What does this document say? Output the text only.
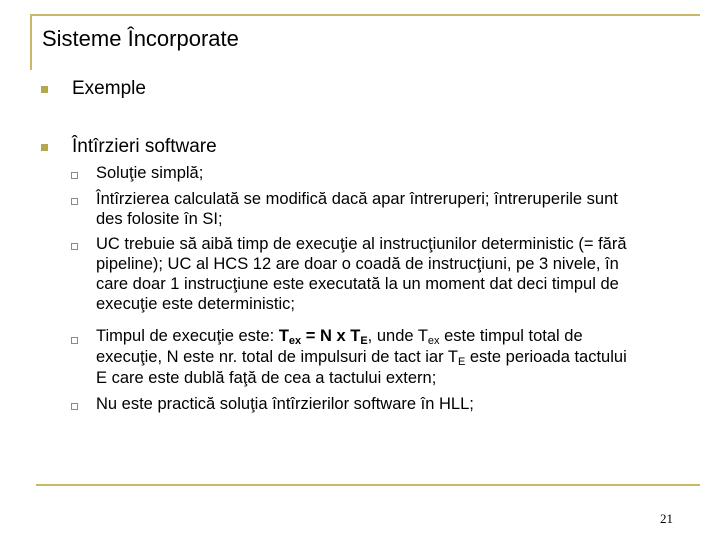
Sisteme Încorporate
Exemple
Întîrzieri software
Soluţie simplă;
Întîrzierea calculată se modifică dacă apar întreruperi; întreruperile sunt
des folosite în SI;
UC trebuie să aibă timp de execuţie al instrucţiunilor deterministic (= fără
pipeline); UC al HCS 12 are doar o coadă de instrucţiuni, pe 3 nivele, în
care doar 1 instrucţiune este executată la un moment dat deci timpul de
execuţie este deterministic;
Timpul de execuţie este: $T_{ex} = N$ x $T_E$, unde $T_{ex}$ este timpul total de
execuţie, N este nr. total de impulsuri de tact iar $T_E$ este perioada tactului
E care este dublă faţă de cea a tactului extern;
Nu este practică soluţia întîrzierilor software în HLL;
21
